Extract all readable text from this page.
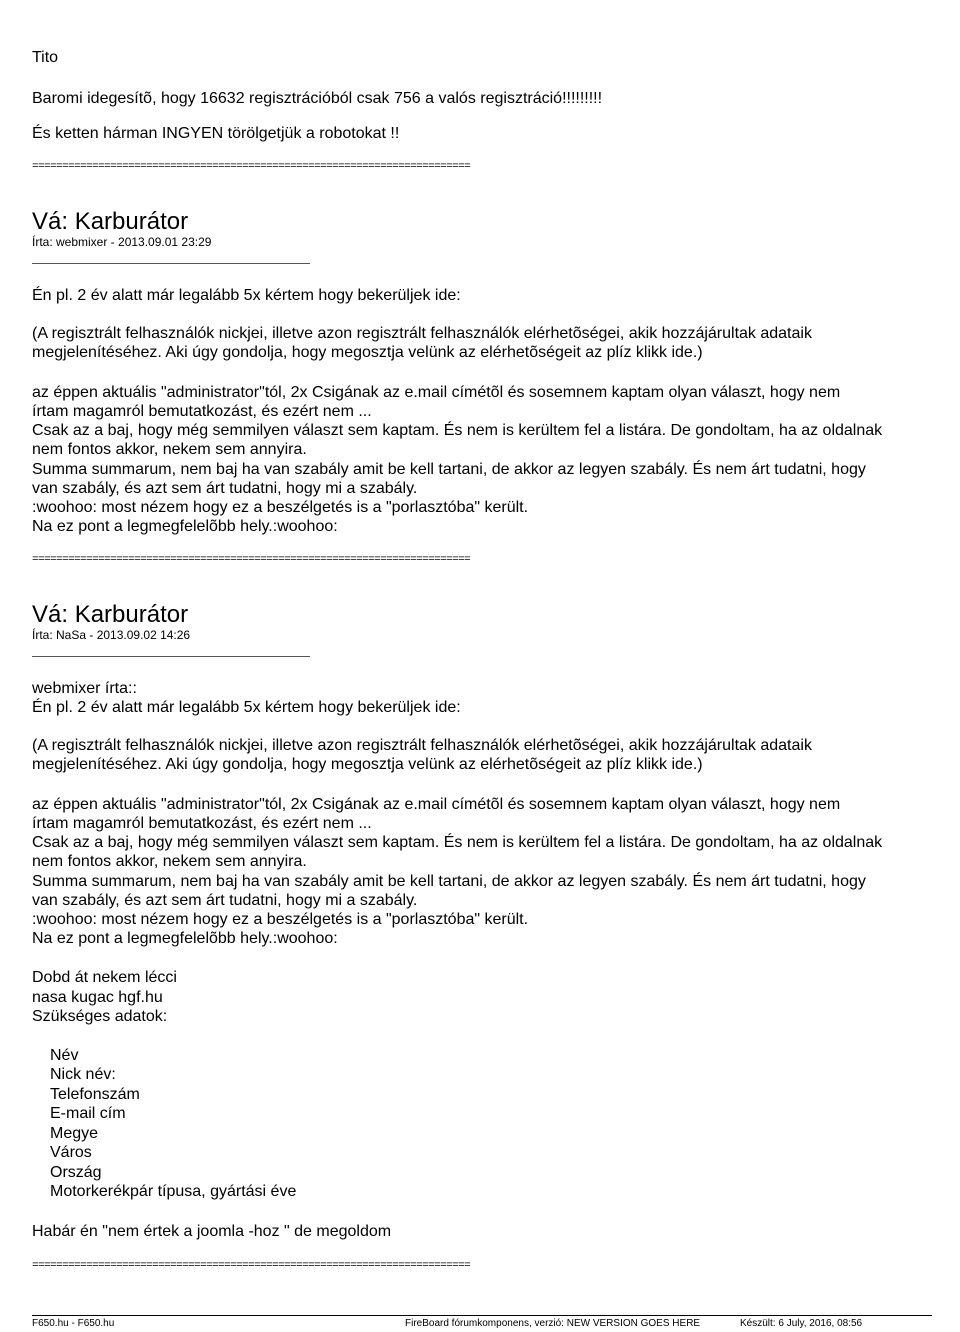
Tito
Baromi idegesítõ, hogy 16632 regisztrációból csak 756 a valós regisztráció!!!!!!!!!
És ketten hárman INGYEN törölgetjük a robotokat !!
=========================================================================
Vá: Karburátor
Írta: webmixer - 2013.09.01 23:29
Én pl. 2 év alatt már legalább 5x kértem hogy bekerüljek ide:
(A regisztrált felhasználók nickjei, illetve azon regisztrált felhasználók elérhetõségei, akik hozzájárultak adataik
megjelenítéséhez. Aki úgy gondolja, hogy megosztja velünk az elérhetõségeit az plíz klikk ide.)
az éppen aktuális "administrator"tól, 2x Csigának az e.mail címétõl és sosemnem kaptam olyan választ, hogy nem
írtam magamról bemutatkozást, és ezért nem ...
Csak az a baj, hogy még semmilyen választ sem kaptam. És nem is kerültem fel a listára. De gondoltam, ha az oldalnak
nem fontos akkor, nekem sem annyira.
Summa summarum, nem baj ha van szabály amit be kell tartani, de akkor az legyen szabály. És nem árt tudatni, hogy
van szabály, és azt sem árt tudatni, hogy mi a szabály.
:woohoo: most nézem hogy ez a beszélgetés is a "porlasztóba" került.
Na ez pont a legmegfelelõbb hely.:woohoo:
=========================================================================
Vá: Karburátor
Írta: NaSa - 2013.09.02 14:26
webmixer írta::
Én pl. 2 év alatt már legalább 5x kértem hogy bekerüljek ide:
(A regisztrált felhasználók nickjei, illetve azon regisztrált felhasználók elérhetõségei, akik hozzájárultak adataik
megjelenítéséhez. Aki úgy gondolja, hogy megosztja velünk az elérhetõségeit az plíz klikk ide.)
az éppen aktuális "administrator"tól, 2x Csigának az e.mail címétõl és sosemnem kaptam olyan választ, hogy nem
írtam magamról bemutatkozást, és ezért nem ...
Csak az a baj, hogy még semmilyen választ sem kaptam. És nem is kerültem fel a listára. De gondoltam, ha az oldalnak
nem fontos akkor, nekem sem annyira.
Summa summarum, nem baj ha van szabály amit be kell tartani, de akkor az legyen szabály. És nem árt tudatni, hogy
van szabály, és azt sem árt tudatni, hogy mi a szabály.
:woohoo: most nézem hogy ez a beszélgetés is a "porlasztóba" került.
Na ez pont a legmegfelelõbb hely.:woohoo:
Dobd át nekem lécci
nasa kugac hgf.hu
Szükséges adatok:
Név
Nick név:
Telefonszám
E-mail cím
Megye
Város
Ország
Motorkerékpár típusa, gyártási éve
Habár én "nem értek a joomla -hoz " de megoldom
=========================================================================
F650.hu - F650.hu	FireBoard fórumkomponens, verzió: NEW VERSION GOES HERE	Készült: 6 July, 2016, 08:56
